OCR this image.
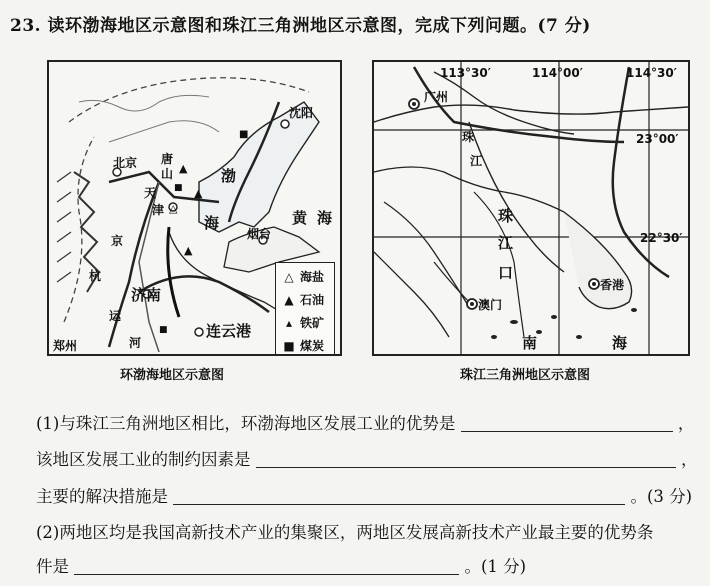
23. 读环渤海地区示意图和珠江三角洲地区示意图，完成下列问题。(7 分)
▲
△
▲
▲
■
■
■
沈阳
北京 唐
山	渤
天
津
海	黄 海
烟台
京
杭
济南
运
河
连云港
郑州
△ 海盐
▲ 石油
▴ 铁矿
■ 煤炭
环渤海地区示意图
113°30′	114°00′	114°30′
23°00′
22°30′
广州
珠
江
珠
江
口
澳门
香港
南	海
珠江三角洲地区示意图
(1)与珠江三角洲地区相比，环渤海地区发展工业的优势是	，
该地区发展工业的制约因素是	，
主要的解决措施是	。(3 分)
(2)两地区均是我国高新技术产业的集聚区，两地区发展高新技术产业最主要的优势条
件是	。(1 分)
